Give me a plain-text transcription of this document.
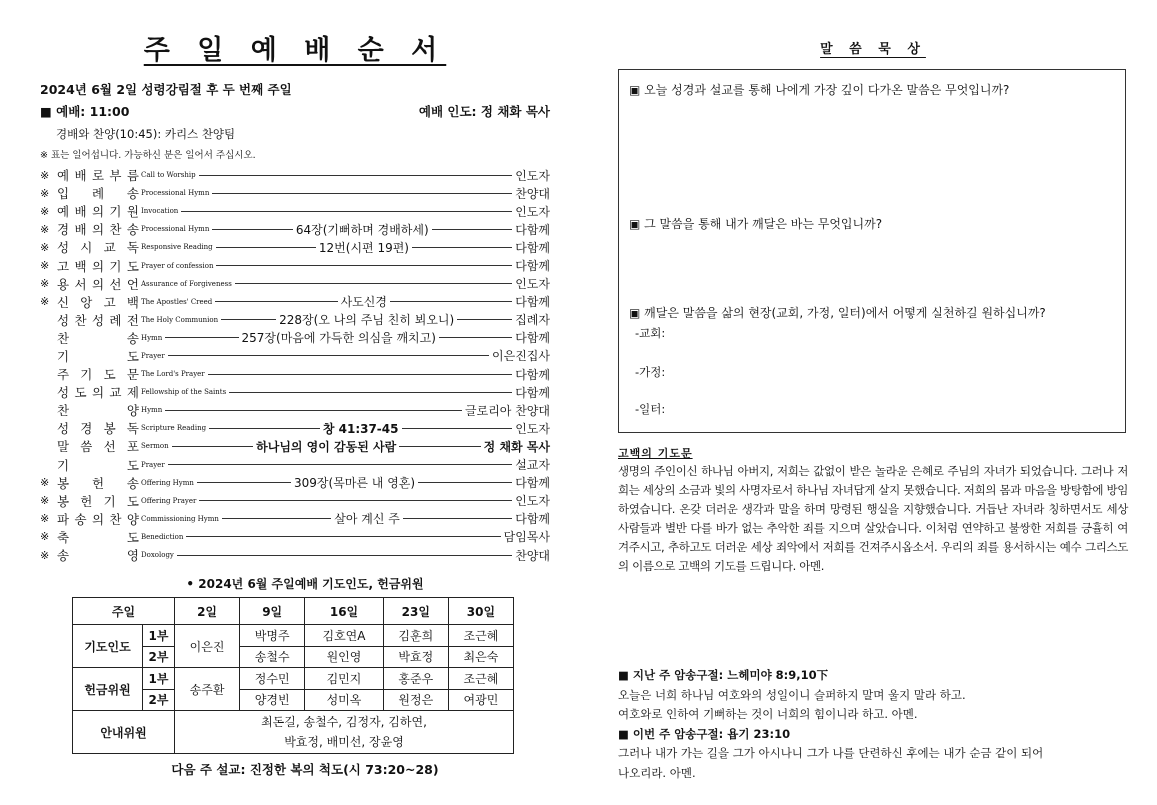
주 일 예 배 순 서
2024년 6월 2일 성령강림절 후 두 번째 주일
■ 예배: 11:00	예배 인도: 정 채화 목사
경배와 찬양(10:45): 카리스 찬양팀
※ 표는 일어섭니다. 가능하신 분은 일어서 주십시오.
※ 예 배 로 부 름 Call to Worship	인도자
※ 입 례 송 Processional Hymn	찬양대
※ 예 배 의 기 원 Invocation	인도자
※ 경 배 의 찬 송 Processional Hymn	64장(기뻐하며 경배하세)	다함께
※ 성 시 교 독 Responsive Reading	12번(시편 19편)	다함께
※ 고 백 의 기 도 Prayer of confession	다함께
※ 용 서 의 선 언 Assurance of Forgiveness	인도자
※ 신 앙 고 백 The Apostles' Creed	사도신경	다함께
성 찬 성 례 전 The Holy Communion	228장(오 나의 주님 친히 뵈오니)	집례자
찬	송 Hymn	257장(마음에 가득한 의심을 깨치고)	다함께
기	도 Prayer	이은진집사
주 기 도 문 The Lord's Prayer	다함께
성 도 의 교 제 Fellowship of the Saints	다함께
찬	양 Hymn	글로리아 찬양대
성 경 봉 독 Scripture Reading	창 41:37-45	인도자
말 씀 선 포 Sermon	하나님의 영이 감동된 사람	정 채화 목사
기	도 Prayer	설교자
※ 봉 헌 송 Offering Hymn	309장(목마른 내 영혼)	다함께
※ 봉 헌 기 도 Offering Prayer	인도자
※ 파 송 의 찬 양 Commissioning Hymn	살아 계신 주	다함께
※ 축	도 Benediction	담임목사
※ 송	영 Doxology	찬양대
• 2024년 6월 주일예배 기도인도, 헌금위원
주일		2일	9일	16일	23일	30일
기도인도	1부	이은진	박명주	김호연A	김훈희	조근혜
	2부		송철수	원인영	박효정	최은숙
헌금위원	1부	송주환	정수민	김민지	홍준우	조근혜
	2부		양경빈	성미옥	원정은	여광민
안내위원		최돈길, 송철수, 김정자, 김하연,
박효정, 배미선, 장윤영				
다음 주 설교: 진정한 복의 척도(시 73:20~28)
말 씀 묵 상
▣ 오늘 성경과 설교를 통해 나에게 가장 깊이 다가온 말씀은 무엇입니까?
▣ 그 말씀을 통해 내가 깨달은 바는 무엇입니까?
▣ 깨달은 말씀을 삶의 현장(교회, 가정, 일터)에서 어떻게 실천하길 원하십니까?
-교회:
-가정:
-일터:
고백의 기도문
생명의 주인이신 하나님 아버지, 저희는 값없이 받은 놀라운 은혜로 주님의 자녀가 되었습니다. 그러나 저희는 세상의 소금과 빛의 사명자로서 하나님 자녀답게 살지 못했습니다. 저희의 몸과 마음을 방탕함에 방임하였습니다. 온갖 더러운 생각과 말을 하며 망령된 행실을 지향했습니다. 거듭난 자녀라 칭하면서도 세상 사람들과 별반 다를 바가 없는 추악한 죄를 지으며 살았습니다. 이처럼 연약하고 불쌍한 저희를 긍휼히 여겨주시고, 추하고도 더러운 세상 죄악에서 저희를 건져주시옵소서. 우리의 죄를 용서하시는 예수 그리스도의 이름으로 고백의 기도를 드립니다. 아멘.
■ 지난 주 암송구절: 느헤미야 8:9,10下
오늘은 너희 하나님 여호와의 성일이니 슬퍼하지 말며 울지 말라 하고.
여호와로 인하여 기뻐하는 것이 너희의 힘이니라 하고. 아멘.
■ 이번 주 암송구절: 욥기 23:10
그러나 내가 가는 길을 그가 아시나니 그가 나를 단련하신 후에는 내가 순금 같이 되어
나오리라. 아멘.
